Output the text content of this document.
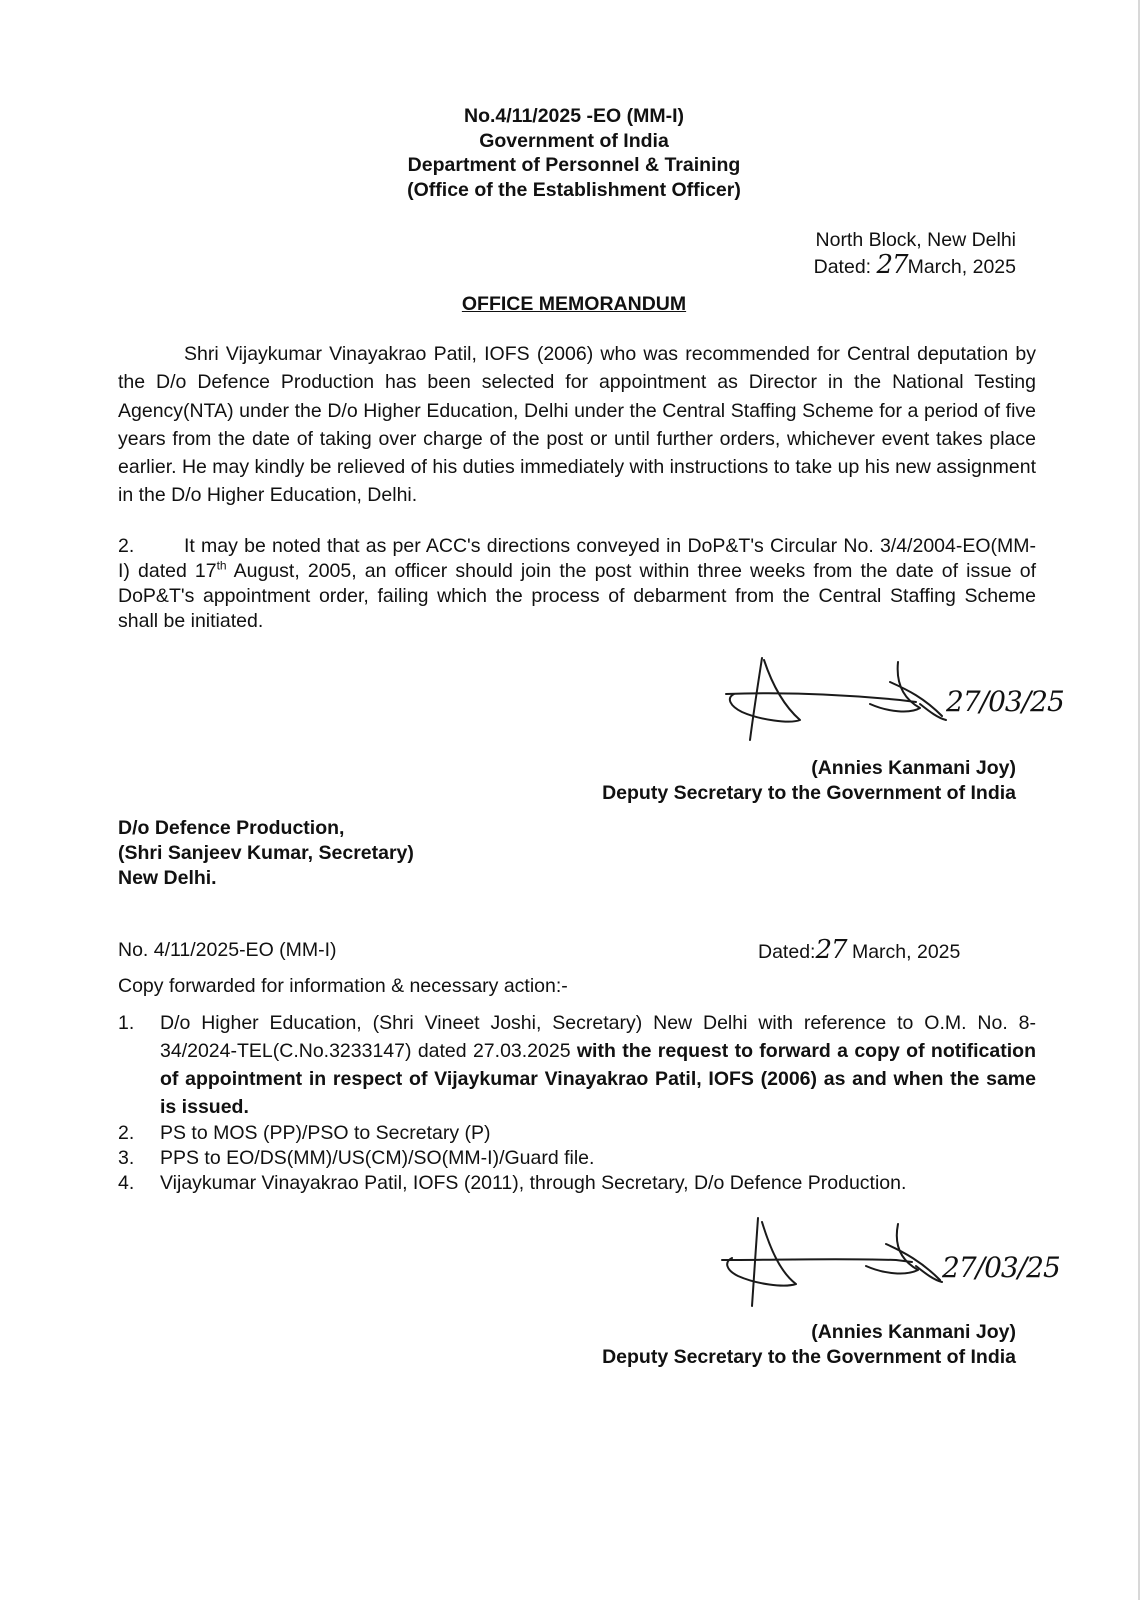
No.4/11/2025 -EO (MM-I)
Government of India
Department of Personnel & Training
(Office of the Establishment Officer)
North Block, New Delhi
Dated: 27March, 2025
OFFICE MEMORANDUM

Shri Vijaykumar Vinayakrao Patil, IOFS (2006) who was recommended for Central deputation by the D/o Defence Production has been selected for appointment as Director in the National Testing Agency(NTA) under the D/o Higher Education, Delhi under the Central Staffing Scheme for a period of five years from the date of taking over charge of the post or until further orders, whichever event takes place earlier. He may kindly be relieved of his duties immediately with instructions to take up his new assignment in the D/o Higher Education, Delhi.

2.	It may be noted that as per ACC's directions conveyed in DoP&T's Circular No. 3/4/2004-EO(MM-I) dated 17th August, 2005, an officer should join the post within three weeks from the date of issue of DoP&T's appointment order, failing which the process of debarment from the Central Staffing Scheme shall be initiated.
27/03/25
(Annies Kanmani Joy)
Deputy Secretary to the Government of India
D/o Defence Production,
(Shri Sanjeev Kumar, Secretary)
New Delhi.
No. 4/11/2025-EO (MM-I)	Dated:27 March, 2025
Copy forwarded for information & necessary action:-
1. D/o Higher Education, (Shri Vineet Joshi, Secretary) New Delhi with reference to O.M. No. 8-34/2024-TEL(C.No.3233147) dated 27.03.2025 with the request to forward a copy of notification of appointment in respect of Vijaykumar Vinayakrao Patil, IOFS (2006) as and when the same is issued.
2. PS to MOS (PP)/PSO to Secretary (P)
3. PPS to EO/DS(MM)/US(CM)/SO(MM-I)/Guard file.
4. Vijaykumar Vinayakrao Patil, IOFS (2011), through Secretary, D/o Defence Production.
27/03/25
(Annies Kanmani Joy)
Deputy Secretary to the Government of India
